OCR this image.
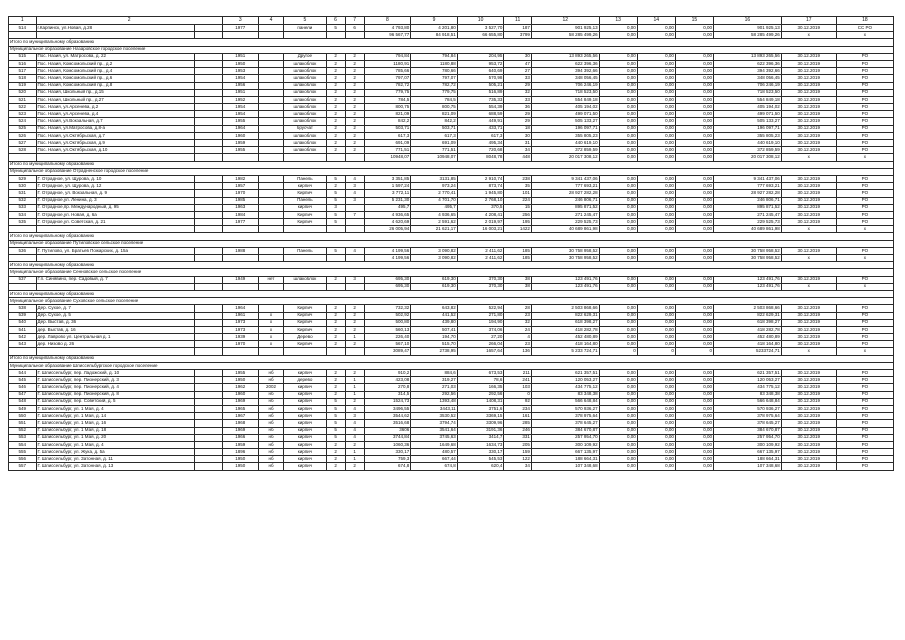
1	2		3	4	5	6	7	8	9	10	11	12	13	14	15	16	17	18
514	г.Карпинск, ул.Новая, д.28		1977		панели	5	6	4 793,80	4 201,80	3 527,70	187	901 925,13	0,00	0,00	0,00	901 925,13	30.12.2019	СС РО
								96 567,77	84 918,51	66 655,80	3799	58 285 499,26	0,00	0,00	0,00	58 285 499,26	x	x
Итого по муниципальному образованию																		
Муниципальное образование Назаровское городское поселение																		
515	Пос. Назия, ул. Матросова, д. 22		1951		Другое	2	2	794,84	794,84	204,95	30	13 893 265,56	0,00	0,00	0,00	13 893 265,56	30.12.2019	РО
516	Пос. Назия, Комсомольский пр., д.2		1950		шлакоблок	2	2	1180,91	1180,88	953,72	47	622 396,36	0,00	0,00	0,00	622 396,36	30.12.2019	РО
517	Пос. Назия, Комсомольский пр., д.4		1953		шлакоблок	2	2	785,66	780,66	640,69	27	394 392,66	0,00	0,00	0,00	394 392,66	30.12.2019	РО
518	Пос. Назия, Комсомольский пр., д.6		1954		шлакоблок	2	2	797,07	797,07	570,98	33	348 056,45	0,00	0,00	0,00	348 056,45	30.12.2019	РО
519	Пос. Назия, Комсомольский пр., д.8		1956		шлакоблок	2	2	782,72	782,72	505,21	29	706 246,19	0,00	0,00	0,00	706 246,19	30.12.2019	РО
520	Пос. Назия, Школьный пр., д.15		1951		шлакоблок	2	2	779,75	779,75	516,89	32	718 523,50	0,00	0,00	0,00	718 523,50	30.12.2019	РО
521	Пос. Назия, Школьный пр., д.27		1952		шлакоблок	2	2	784,5	784,5	735,33	33	554 849,18	0,00	0,00	0,00	554 849,18	30.12.2019	РО
522	Пос. Назия, ул.Арсенева, д.2		1954		шлакоблок	2	2	800,75	800,75	554,39	36	405 194,02	0,00	0,00	0,00	405 194,02	30.12.2019	РО
523	Пос. Назия, ул.Арсенева, д.4		1954		шлакоблок	2	2	821,09	821,09	688,59	29	499 071,50	0,00	0,00	0,00	499 071,50	30.12.2019	РО
524	Пос. Назия, ул.Вокзальная, д.7		1955		шлакоблок	2	2	842,2	842,2	449,91	29	505 133,27	0,00	0,00	0,00	505 133,27	30.12.2019	РО
525	Пос. Назия, ул.Матросова, д.8-а		1964		брусчат	2	2	503,71	503,71	433,71	18	196 097,71	0,00	0,00	0,00	196 097,71	30.12.2019	РО
526	Пос. Назия, ул.Октябрьская, д.7		1960		шлакоблок	2	2	617,3	617,3	617,3	30	355 805,23	0,00	0,00	0,00	355 805,23	30.12.2019	РО
527	Пос. Назия, ул.Октябрьская, д.9		1959		шлакоблок	2	2	691,09	691,09	495,34	31	440 619,10	0,00	0,00	0,00	440 619,10	30.12.2019	РО
528	Пос. Назия, ул.Октябрьская, д.10		1955		шлакоблок	2	2	771,51	771,51	720,68	34	372 859,59	0,00	0,00	0,00	372 859,59	30.12.2019	РО
								10948,07	10948,07	8048,78	448	20 017 308,12	0,00	0,00	0,00	20 017 308,12	x	x
Итого по муниципальному образованию																		
Муниципальное образование Отрадненское городское поселение																		
529	Г. Отрадное, ул. Щурова, д. 10		1982		Панель	5	4	3 351,85	3131,85	2 910,74	238	9 341 437,06	0,00	0,00	0,00	9 341 437,06	30.12.2019	РО
530	Г. Отрадное, ул. Щурова, д. 12		1957		кирпич	2	3	1 597,24	973,24	873,74	35	777 693,21	0,00	0,00	0,00	777 693,21	30.12.2019	РО
531	Г. Отрадное, ул. Вокзальная, д. 9		1970		Кирпич	5	4	3 772,11	2 770,41	1 945,80	101	28 927 282,28	0,00	0,00	0,00	28 927 282,28	30.12.2019	РО
532	Г. Отрадное,ул. Ленина, д. 3		1985		Панель	5	3	5 231,30	4 701,70	2 768,10	224	246 806,71	0,00	0,00	0,00	246 806,71	30.12.2019	РО
533	Г. Отрадное,пр. Международный, д. 95		1963		кирпич	3		495,7	495,7	370,5	15	895 871,52	0,00	0,00	0,00	895 871,52	30.12.2019	РО
534	Г. Отрадное,ул. Новая, д. 6а		1984		Кирпич	5	7	4 936,65	4 936,65	4 208,41	256	271 245,47	0,00	0,00	0,00	271 245,47	30.12.2019	РО
535	Г. Отрадное,ул. Советская, д. 21		1977		Кирпич	5		4 620,69	2 591,62	2 019,97	195	229 525,73	0,00	0,00	0,00	229 525,73	30.12.2019	РО
								26 005,94	21 621,17	16 003,21	1422	40 689 861,98	0,00	0,00	0,00	40 689 861,98	x	x
Итого по муниципальному образованию																		
Муниципальное образование Путиловское сельское поселение																		
536	Г. Путилово, ул. Братьев Пожарских, д. 15а		1988		Панель	5	4	4 199,56	3 090,82	2 411,62	185	30 758 958,52	0,00	0,00	0,00	30 758 958,52	30.12.2019	РО
								4 199,56	3 090,82	2 411,62	185	30 758 958,52	0,00	0,00	0,00	30 758 958,52	x	x
Итого по муниципальному образованию																		
Муниципальное образование Сенновское сельское поселение																		
537	Г.п. Синявино, пер. Садовый, д. 7		1949	нет	шлакоблок	2	3	695,30	619,30	370,30	38	123 491,76	0,00	0,00	0,00	123 491,76	30.12.2019	РО
								695,30	619,30	370,30	38	123 491,76	0,00	0,00	0,00	123 491,76	x	x
Итого по муниципальному образованию																		
Муниципальное образование Суховское сельское поселение																		
538	Дер. Сухое, д. 7		1964		Кирпич	2	2	732,32	643,82	522,94	28	2 503 868,66	0,00	0,00	0,00	2 503 868,66	30.12.2019	РО
539	Дер. Сухое, д. 5		1961	х	Кирпич	2	2	502,92	441,52	271,80	23	822 629,31	0,00	0,00	0,00	822 629,31	30.12.2019	РО
540	Дер. Выстав, д. 36		1973	х	Кирпич	2	2	500,80	439,80	194,90	32	618 398,27	0,00	0,00	0,00	618 398,27	30.12.2019	РО
541	дер. Выстав, д. 16		1973	х	Кирпич	2	2	560,13	507,41	374,06	24	418 282,78	0,00	0,00	0,00	418 282,78	30.12.2019	РО
542	дер. Лаврово ул. Центральная д. 1		1939	х	Дерево	2	1	226,40	194,70	27,20	4	452 480,89	0,00	0,00	0,00	452 480,89	30.12.2019	РО
543	дер. Низово д. 26		1970	х	Кирпич	2	2	567,10	515,70	266,04	23	418 164,80	0,00	0,00	0,00	418 164,80	30.12.2019	РО
								3089,47	2738,95	1657,64	136	5 233 724,71	0	0	0	5233724,71	x	x
Итого по муниципальному образованию																		
Муниципальное образование Шлиссельбургское городское поселение																		
544	Г. Шлиссельбург, пер. Ладожский, д. 10		1955	нб	кирпич	2	2	910,2	884,6	673,53	211	621 357,51	0,00	0,00	0,00	621 357,51	30.12.2019	РО
545	Г. Шлиссельбург, пер. Пионерский, д. 3		1950	нб	дерево	2	1	423,08	319,27	78,6	241	120 053,27	0,00	0,00	0,00	120 053,27	30.12.2019	РО
546	Г. Шлиссельбург, пер. Пионерский, д. 4		1962	2002	кирпич	2	1	270,8	271,03	166,35	103	434 775,12	0,00	0,00	0,00	434 775,12	30.12.2019	РО
547	Г. Шлиссельбург, пер. Пионерский, д. 8		1960	нб	кирпич	2	1	314,5	292,56	292,56	0	83 348,38	0,00	0,00	0,00	83 348,38	30.12.2019	РО
548	Г. Шлиссельбург, пер. Советский, д. 5		1969	нб	кирпич	5	2	1524,73	1393,48	1408,31	92	566 648,84	0,00	0,00	0,00	566 648,84	30.12.2019	РО
549	Г. Шлиссельбург, ул. 1 Мая, д. 4		1965	нб	кирпич	5	4	3496,55	3443,11	3751,6	234	570 936,27	0,00	0,00	0,00	570 936,27	30.12.2019	РО
550	Г. Шлиссельбург, ул. 1 Мая, д. 14		1967	нб	кирпич	5	3	3544,62	3530,52	3369,15	161	378 975,64	0,00	0,00	0,00	378 975,64	30.12.2019	РО
551	Г. Шлиссельбург, ул. 1 Мая, д. 16		1968	нб	кирпич	5	4	3516,68	3794,74	3309,96	285	378 645,27	0,00	0,00	0,00	378 645,27	30.12.2019	РО
552	Г. Шлиссельбург, ул. 1 Мая, д. 18		1969	нб	кирпич	5	4	3606	3541,64	3191,36	246	384 670,87	0,00	0,00	0,00	384 670,87	30.12.2019	РО
553	Г. Шлиссельбург, ул. 1 Мая, д. 20		1966	нб	кирпич	5	4	3744,84	3745,63	3414,7	331	257 954,70	0,00	0,00	0,00	257 954,70	30.12.2019	РО
554	Г. Шлиссельбург, ул. 1 Мая, д. 4		1959	нб	кирпич	2	2	1060,36	1649,68	1634,73	205	300 109,92	0,00	0,00	0,00	300 109,92	30.12.2019	РО
555	Г. Шлиссельбург, ул. Жука, д. 5а		1896	нб	кирпич	2	1	330,17	480,57	330,17	159	667 135,97	0,00	0,00	0,00	667 135,97	30.12.2019	РО
556	Г. Шлиссельбург, ул. Затонная, д. 11		1950	нб	кирпич	2	1	759,3	667,44	545,53	122	188 664,31	0,00	0,00	0,00	188 664,31	30.12.2019	РО
557	Г. Шлиссельбург, ул. Затонная, д. 13		1950	нб	кирпич	2	2	674,8	674,8	620,4	34	107 348,68	0,00	0,00	0,00	107 348,68	30.12.2019	РО
